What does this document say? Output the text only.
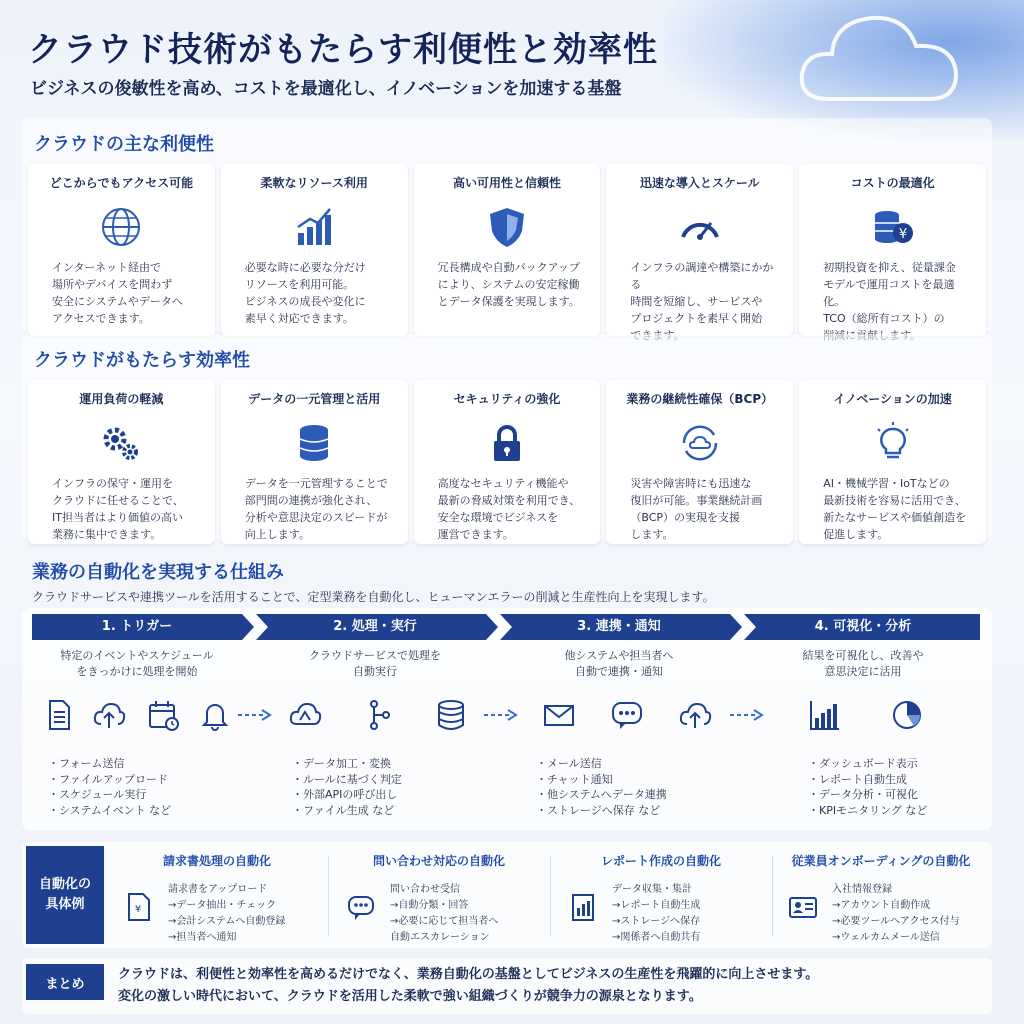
クラウド技術がもたらす利便性と効率性
ビジネスの俊敏性を高め、コストを最適化し、イノベーションを加速する基盤
クラウドの主な利便性
どこからでもアクセス可能
インターネット経由で
場所やデバイスを問わず
安全にシステムやデータへ
アクセスできます。
柔軟なリソース利用
必要な時に必要な分だけ
リソースを利用可能。
ビジネスの成長や変化に
素早く対応できます。
高い可用性と信頼性
冗長構成や自動バックアップ
により、システムの安定稼働
とデータ保護を実現します。
迅速な導入とスケール
インフラの調達や構築にかかる
時間を短縮し、サービスや
プロジェクトを素早く開始

コストの最適化
¥
初期投資を抑え、従量課金
モデルで運用コストを最適化。
TCO（総所有コスト）の

クラウドがもたらす効率性
運用負荷の軽減
インフラの保守・運用を
クラウドに任せることで、
IT担当者はより価値の高い
業務に集中できます。
データの一元管理と活用
データを一元管理することで
部門間の連携が強化され、
分析や意思決定のスピードが
向上します。
セキュリティの強化
高度なセキュリティ機能や
最新の脅威対策を利用でき、
安全な環境でビジネスを
運営できます。
業務の継続性確保（BCP）
災害や障害時にも迅速な
復旧が可能。事業継続計画
（BCP）の実現を支援
します。
イノベーションの加速
AI・機械学習・IoTなどの
最新技術を容易に活用でき、
新たなサービスや価値創造を
促進します。
業務の自動化を実現する仕組み
クラウドサービスや連携ツールを活用することで、定型業務を自動化し、ヒューマンエラーの削減と生産性向上を実現します。
1. トリガー	2. 処理・実行	3. 連携・通知	4. 可視化・分析
特定のイベントやスケジュール
をきっかけに処理を開始
クラウドサービスで処理を
自動実行
他システムや担当者へ
自動で連携・通知
結果を可視化し、改善や
意思決定に活用
・フォーム送信
・ファイルアップロード
・スケジュール実行
・システムイベント など
・データ加工・変換
・ルールに基づく判定
・外部APIの呼び出し
・ファイル生成 など
・メール送信
・チャット通知
・他システムへデータ連携
・ストレージへ保存 など
・ダッシュボード表示
・レポート自動生成
・データ分析・可視化
・KPIモニタリング など
自動化の
具体例
請求書処理の自動化
¥
請求書をアップロード
→データ抽出・チェック
→会計システムへ自動登録
→担当者へ通知
問い合わせ対応の自動化
問い合わせ受信
→自動分類・回答
→必要に応じて担当者へ
自動エスカレーション
レポート作成の自動化
データ収集・集計
→レポート自動生成
→ストレージへ保存
→関係者へ自動共有
従業員オンボーディングの自動化
入社情報登録
→アカウント自動作成
→必要ツールへアクセス付与
→ウェルカムメール送信
まとめ
クラウドは、利便性と効率性を高めるだけでなく、業務自動化の基盤としてビジネスの生産性を飛躍的に向上させます。
変化の激しい時代において、クラウドを活用した柔軟で強い組織づくりが競争力の源泉となります。
